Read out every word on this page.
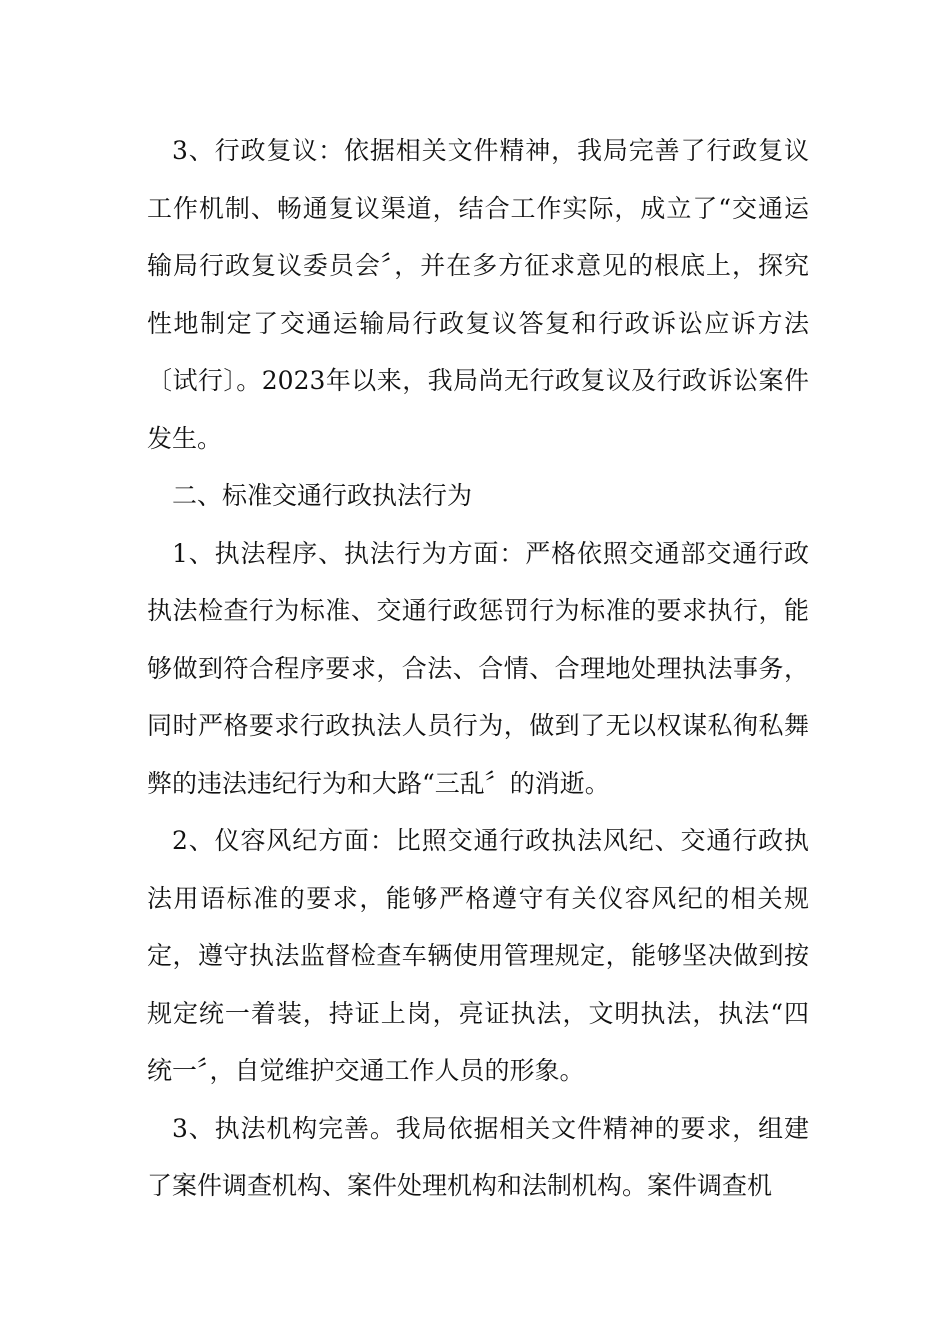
3、行政复议：依据相关文件精神，我局完善了行政复议工作机制、畅通复议渠道，结合工作实际，成立了“交通运输局行政复议委员会〞，并在多方征求意见的根底上，探究性地制定了交通运输局行政复议答复和行政诉讼应诉方法〔试行〕。2023年以来，我局尚无行政复议及行政诉讼案件发生。

二、标准交通行政执法行为

1、执法程序、执法行为方面：严格依照交通部交通行政执法检查行为标准、交通行政惩罚行为标准的要求执行，能够做到符合程序要求，合法、合情、合理地处理执法事务，同时严格要求行政执法人员行为，做到了无以权谋私徇私舞弊的违法违纪行为和大路“三乱〞的消逝。

2、仪容风纪方面：比照交通行政执法风纪、交通行政执法用语标准的要求，能够严格遵守有关仪容风纪的相关规定，遵守执法监督检查车辆使用管理规定，能够坚决做到按规定统一着装，持证上岗，亮证执法，文明执法，执法“四统一〞，自觉维护交通工作人员的形象。

3、执法机构完善。我局依据相关文件精神的要求，组建了案件调查机构、案件处理机构和法制机构。案件调查机
